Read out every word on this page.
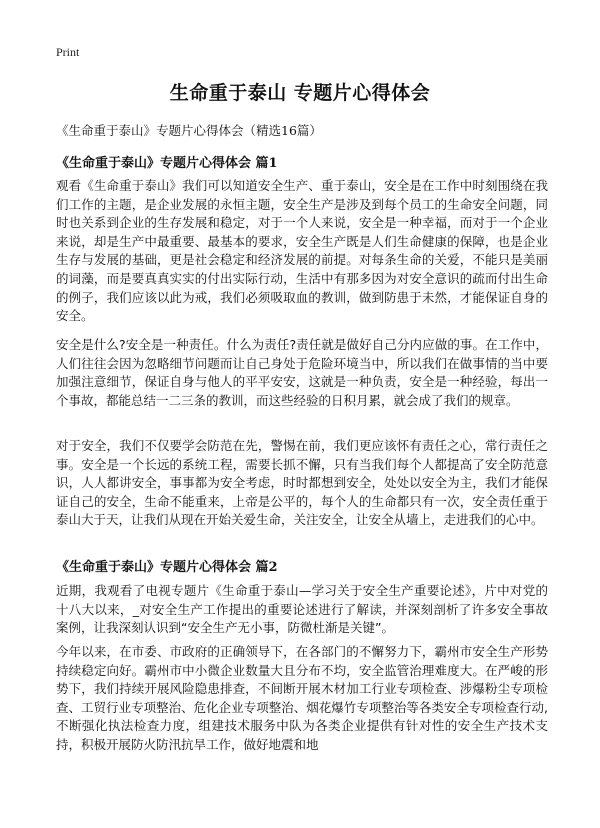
Print
生命重于泰山 专题片心得体会
《生命重于泰山》专题片心得体会（精选16篇）
《生命重于泰山》专题片心得体会 篇1

观看《生命重于泰山》我们可以知道安全生产、重于泰山，安全是在工作中时刻围绕在我们工作的主题，是企业发展的永恒主题，安全生产是涉及到每个员工的生命安全问题，同时也关系到企业的生存发展和稳定，对于一个人来说，安全是一种幸福，而对于一个企业来说，却是生产中最重要、最基本的要求，安全生产既是人们生命健康的保障，也是企业生存与发展的基础，更是社会稳定和经济发展的前提。对每条生命的关爱，不能只是美丽的词藻，而是要真真实实的付出实际行动，生活中有那多因为对安全意识的疏而付出生命的例子，我们应该以此为戒，我们必须吸取血的教训，做到防患于未然，才能保证自身的安全。

安全是什么?安全是一种责任。什么为责任?责任就是做好自己分内应做的事。在工作中，人们往往会因为忽略细节问题而让自己身处于危险环境当中，所以我们在做事情的当中要加强注意细节，保证自身与他人的平平安安，这就是一种负责，安全是一种经验，每出一个事故，都能总结一二三条的教训，而这些经验的日积月累，就会成了我们的规章。

对于安全，我们不仅要学会防范在先，警惕在前，我们更应该怀有责任之心，常行责任之事。安全是一个长远的系统工程，需要长抓不懈，只有当我们每个人都提高了安全防范意识，人人都讲安全，事事都为安全考虑，时时都想到安全，处处以安全为主，我们才能保证自己的安全，生命不能重来，上帝是公平的，每个人的生命都只有一次，安全责任重于泰山大于天，让我们从现在开始关爱生命，关注安全，让安全从墙上，走进我们的心中。

《生命重于泰山》专题片心得体会 篇2

近期，我观看了电视专题片《生命重于泰山—学习关于安全生产重要论述》，片中对党的十八大以来，_对安全生产工作提出的重要论述进行了解读，并深刻剖析了许多安全事故案例，让我深刻认识到“安全生产无小事，防微杜渐是关键”。

今年以来，在市委、市政府的正确领导下，在各部门的不懈努力下，霸州市安全生产形势持续稳定向好。霸州市中小微企业数量大且分布不均，安全监管治理难度大。在严峻的形势下，我们持续开展风险隐患排查，不间断开展木材加工行业专项检查、涉爆粉尘专项检查、工贸行业专项整治、危化企业专项整治、烟花爆竹专项整治等各类安全专项检查行动,不断强化执法检查力度，组建技术服务中队为各类企业提供有针对性的安全生产技术支持，积极开展防火防汛抗旱工作，做好地震和地
